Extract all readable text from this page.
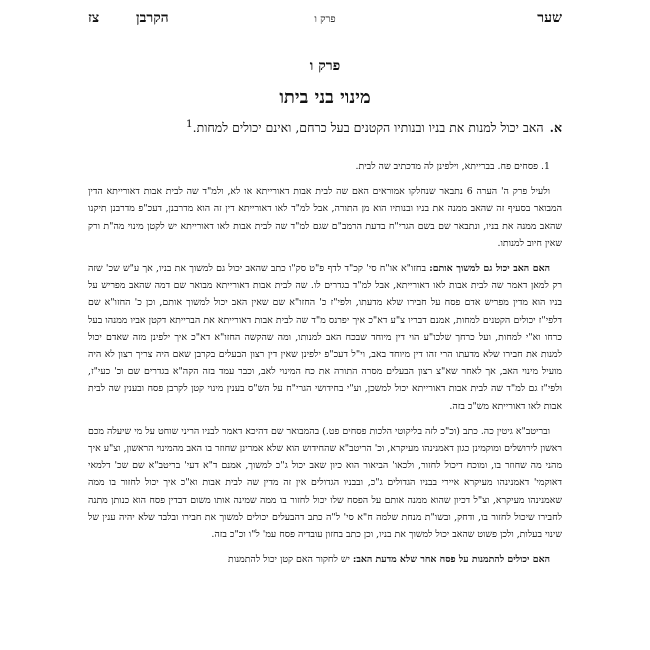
שער
פרק ו
הקרבן
צז
פרק ו
מינוי בני ביתו
א.האב יכול למנות את בניו ובנותיו הקטנים בעל כרחם, ואינם יכולים למחות.$^1$

1. פסחים פח. בברייתא, וילפינן לה מדכתיב שה לבית.

ולעיל פרק ה' הערה 6 נתבאר שנחלקו אמוראים האם שה לבית אבות דאורייתא או לא, ולמ"ד שה לבית אבות דאורייתא הדין המבואר בסעיף זה שהאב ממנה את בניו ובנותיו הוא מן התורה, אבל למ"ד לאו דאורייתא דין זה הוא מדרבנן, דעכ"פ מדרבנן תיקנו שהאב ממנה את בניו, ונתבאר שם בשם הגרי"ח בדעת הרמב"ם שגם למ"ד שה לבית אבות לאו דאורייתא יש לקטן מינוי מה"ת ורק שאין חיוב למנותו.

האם האב יכול גם למשוך אותם: בחזו"א או"ח סי' קכ"ד לדף פ"ט סק"ו כתב שהאב יכול גם למשוך את בניו, אך ע"ש שכ' שזה רק למאן דאמר שה לבית אבות לאו דאורייתא, אבל למ"ד בגדרים לו. שה לבית אבות דאורייתא מבואר שם דמה שהאב מפריש על בניו הוא מדין מפריש אדם פסח על חבירו שלא מדעתו, ולפי"ז כ' החזו"א שם שאין האב יכול למשוך אותם, וכן כ' החזו"א שם דלפי"ז יכולים הקטנים למחות, אמנם דבריו צ"ע דא"כ איך יפרנס מ"ד שה לבית אבות דאורייתא את הברייתא דקטן אביו ממנהו בעל כרחו וא"י למחות, ועל כרחך שלכו"ע הוי דין מיוחד שבכח האב למנותו, ומה שהקשה החזו"א דא"כ איך ילפינן מזה שאדם יכול למנות את חבירו שלא מדעתו הרי זהו דין מיוחד באב, וי"ל דעכ"פ ילפינן שאין דין רצון הבעלים בקרבן שאם היה צריך רצון לא היה מועיל מינוי האב, אך לאחר שא"צ רצון הבעלים מסרה התורה את כח המינוי לאב, וכבר עמד בזה הקה"א בגדרים שם וכ' כעי"ז, ולפי"ז גם למ"ד שה לבית אבות דאורייתא יכול למשכן, וע"י בחידושי הגרי"ח על הש"ס בענין מינוי קטן לקרבן פסח ובענין שה לבית אבות לאו דאורייתא מש"כ בזה.

ובריטב"א גיטין כה. כתב (וכ"כ לזה בליקוטי הלכות פסחים פט.) בהמבואר שם דהיכא דאמר לבניו הריני שוחט על מי שיעלה מכם ראשון לירושלים ומוקמינן כגון דאמנינהו מעיקרא, וכ' הריטב"א שהחידוש הוא שלא אמרינן שחוזר בו האב מהמינוי הראשון, וצ"ע איך מהני מה שחוזר בו, ומוכח דיכול לחזור, ולכאו' הביאור הוא כיון שאב יכול ג"כ למשוך, אמנם ד"א דעי' בריטב"א שם שכ' דלמאי דאוקמי' דאמנינהו מעיקרא איירי בבניו הגדולים ג"כ, ובבניו הגדולים אין זה מדין שה לבית אבות וא"כ איך יכול לחזור בו ממה שאמנינהו מעיקרא, וצ"ל דכיון שהוא ממנה אותם על הפסח שלו יכול לחזור בו ממה שמינה אותו משום דבדין פסח הוא כנותן מתנה לחבירו שיכול לחזור בו, ודחק, ובשו"ת מנחת שלמה ח"א סי' ל"ה כתב דהבעלים יכולים למשוך את חבירו ובלבד שלא יהיה ענין של שינוי בעלות, ולכן פשוט שהאב יכול למשוך את בניו, וכן כתב בחזון עובדיה פסח עמ' ל"ו וכ"כ בזה.

האם יכולים להתמנות על פסח אחר שלא מדעת האב: יש לחקור האם קטן יכול להתמנות
